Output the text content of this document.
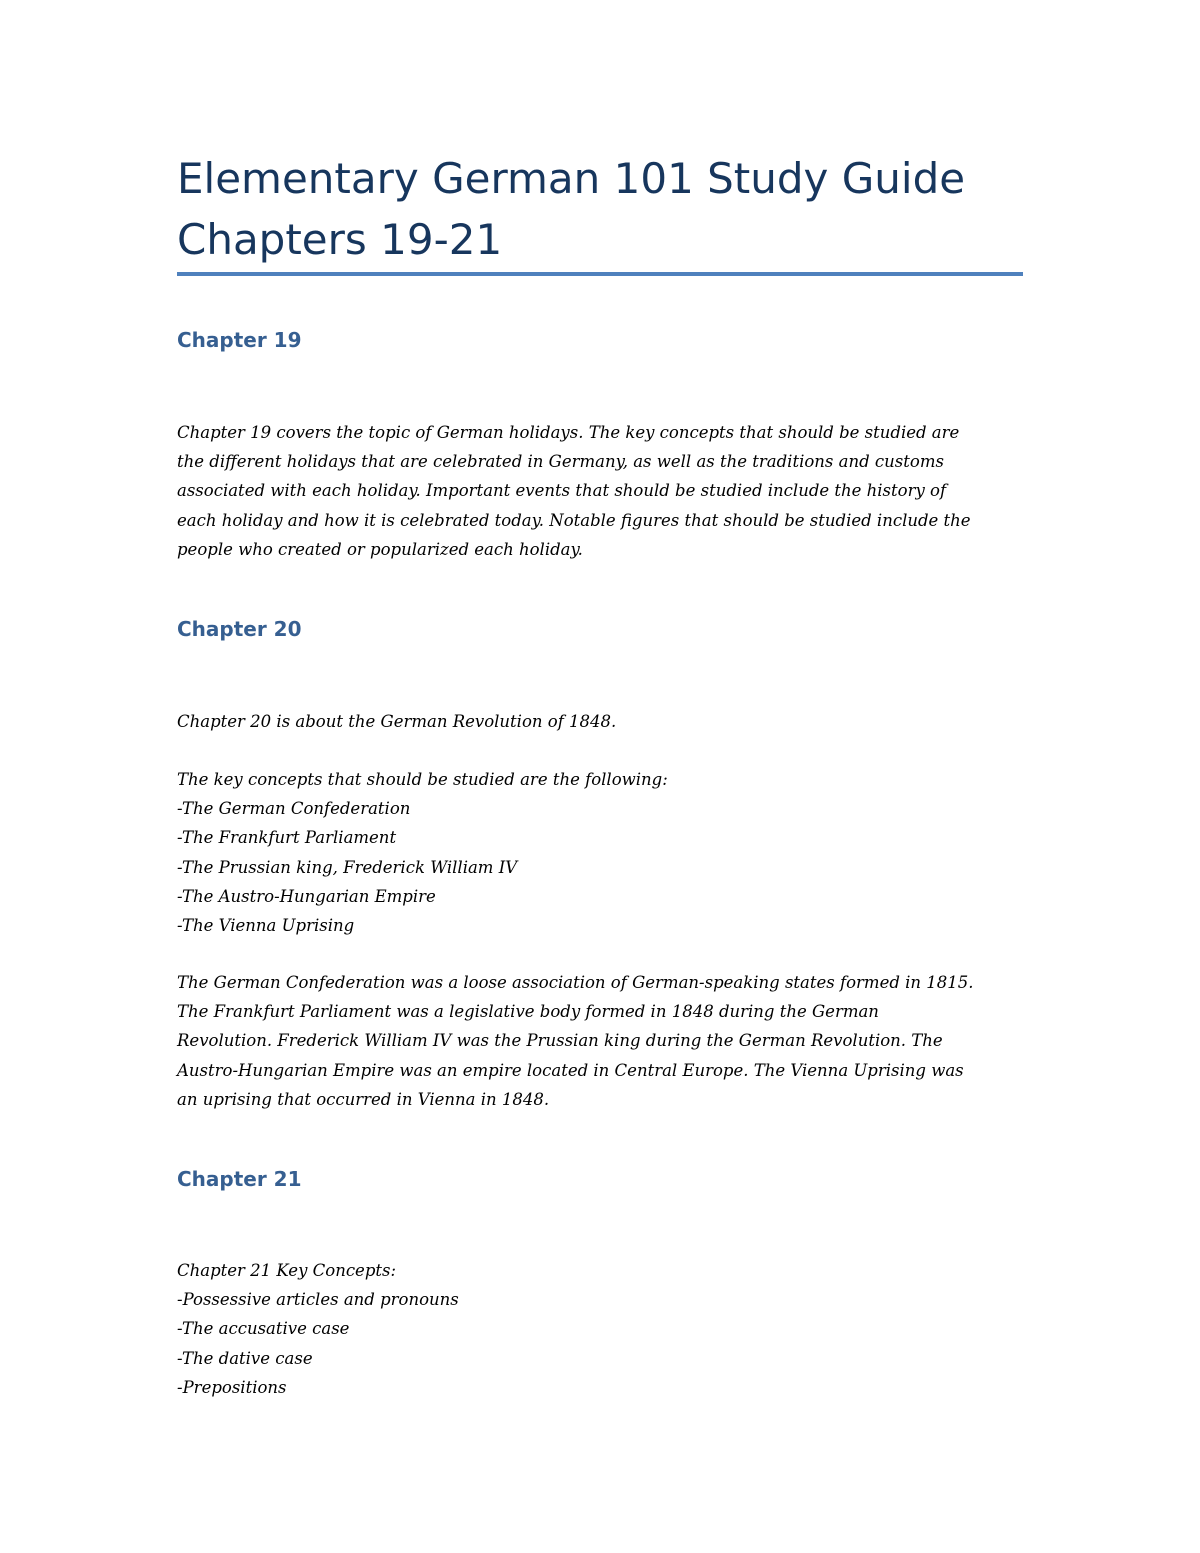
Elementary German 101 Study Guide
Chapters 19-21
Chapter 19
Chapter 19 covers the topic of German holidays. The key concepts that should be studied are
the different holidays that are celebrated in Germany, as well as the traditions and customs
associated with each holiday. Important events that should be studied include the history of
each holiday and how it is celebrated today. Notable figures that should be studied include the
people who created or popularized each holiday.
Chapter 20
Chapter 20 is about the German Revolution of 1848.
The key concepts that should be studied are the following:
-The German Confederation
-The Frankfurt Parliament
-The Prussian king, Frederick William IV
-The Austro-Hungarian Empire
-The Vienna Uprising
The German Confederation was a loose association of German-speaking states formed in 1815.
The Frankfurt Parliament was a legislative body formed in 1848 during the German
Revolution. Frederick William IV was the Prussian king during the German Revolution. The
Austro-Hungarian Empire was an empire located in Central Europe. The Vienna Uprising was
an uprising that occurred in Vienna in 1848.
Chapter 21
Chapter 21 Key Concepts:
-Possessive articles and pronouns
-The accusative case
-The dative case
-Prepositions
